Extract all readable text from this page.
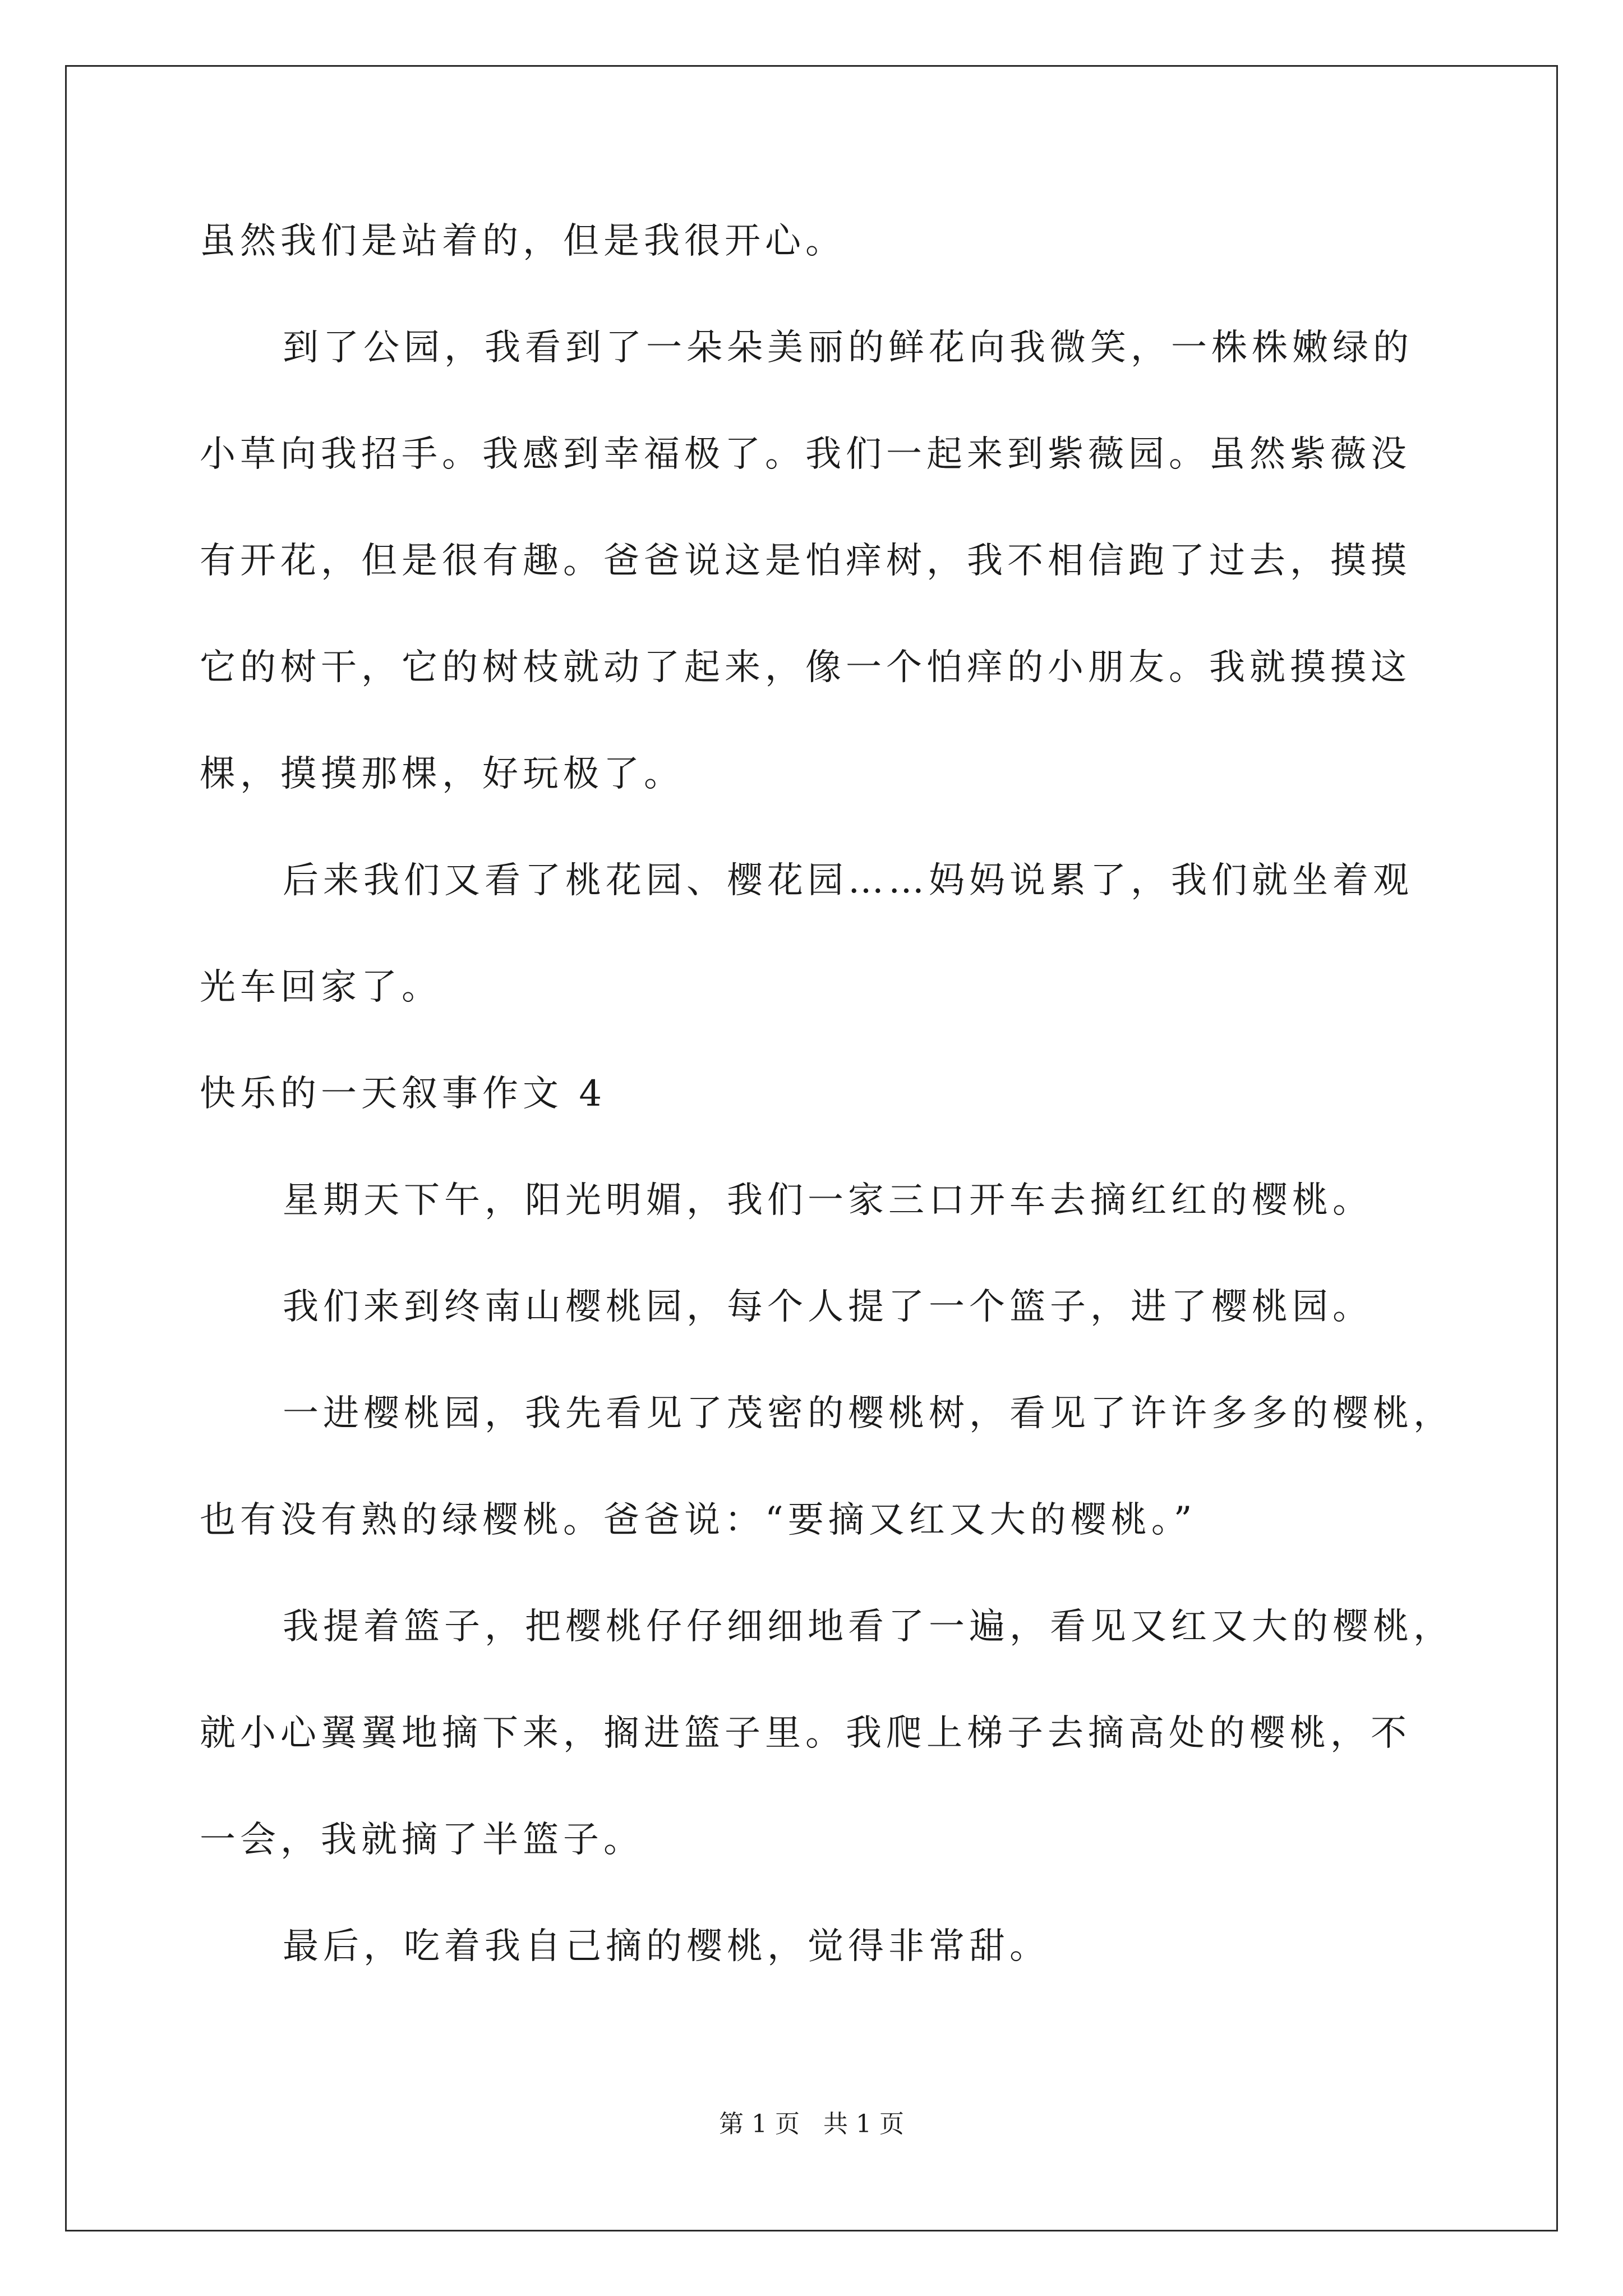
虽然我们是站着的，但是我很开心。
到了公园，我看到了一朵朵美丽的鲜花向我微笑，一株株嫩绿的
小草向我招手。我感到幸福极了。我们一起来到紫薇园。虽然紫薇没
有开花，但是很有趣。爸爸说这是怕痒树，我不相信跑了过去，摸摸
它的树干，它的树枝就动了起来，像一个怕痒的小朋友。我就摸摸这
棵，摸摸那棵，好玩极了。
后来我们又看了桃花园、樱花园……妈妈说累了，我们就坐着观
光车回家了。
快乐的一天叙事作文 4
星期天下午，阳光明媚，我们一家三口开车去摘红红的樱桃。
我们来到终南山樱桃园，每个人提了一个篮子，进了樱桃园。
一进樱桃园，我先看见了茂密的樱桃树，看见了许许多多的樱桃，
也有没有熟的绿樱桃。爸爸说：“要摘又红又大的樱桃。”
我提着篮子，把樱桃仔仔细细地看了一遍，看见又红又大的樱桃，
就小心翼翼地摘下来，搁进篮子里。我爬上梯子去摘高处的樱桃，不
一会，我就摘了半篮子。
最后，吃着我自己摘的樱桃，觉得非常甜。
第 1 页   共 1 页
